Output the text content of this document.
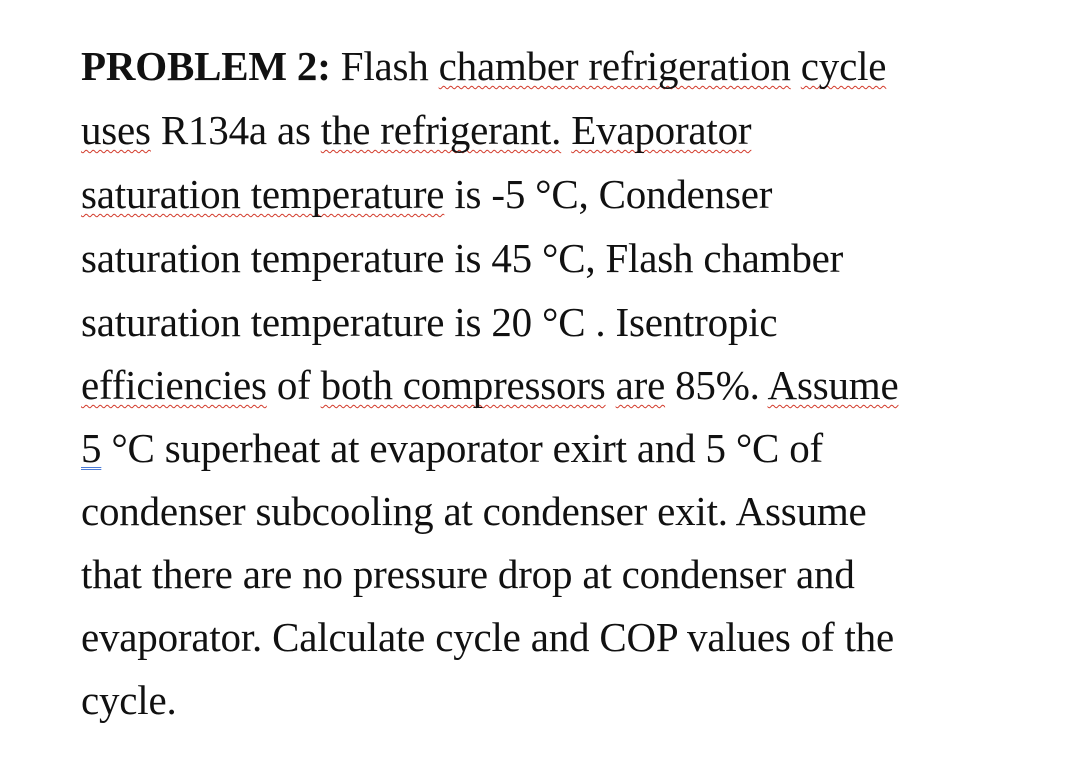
PROBLEM 2: Flash chamber refrigeration cycle
uses R134a as the refrigerant. Evaporator
saturation temperature is -5 °C, Condenser
saturation temperature is 45 °C, Flash chamber
saturation temperature is 20 °C . Isentropic
efficiencies of both compressors are 85%. Assume
5 °C superheat at evaporator exirt and 5 °C of
condenser subcooling at condenser exit. Assume
that there are no pressure drop at condenser and
evaporator. Calculate cycle and COP values of the
cycle.
